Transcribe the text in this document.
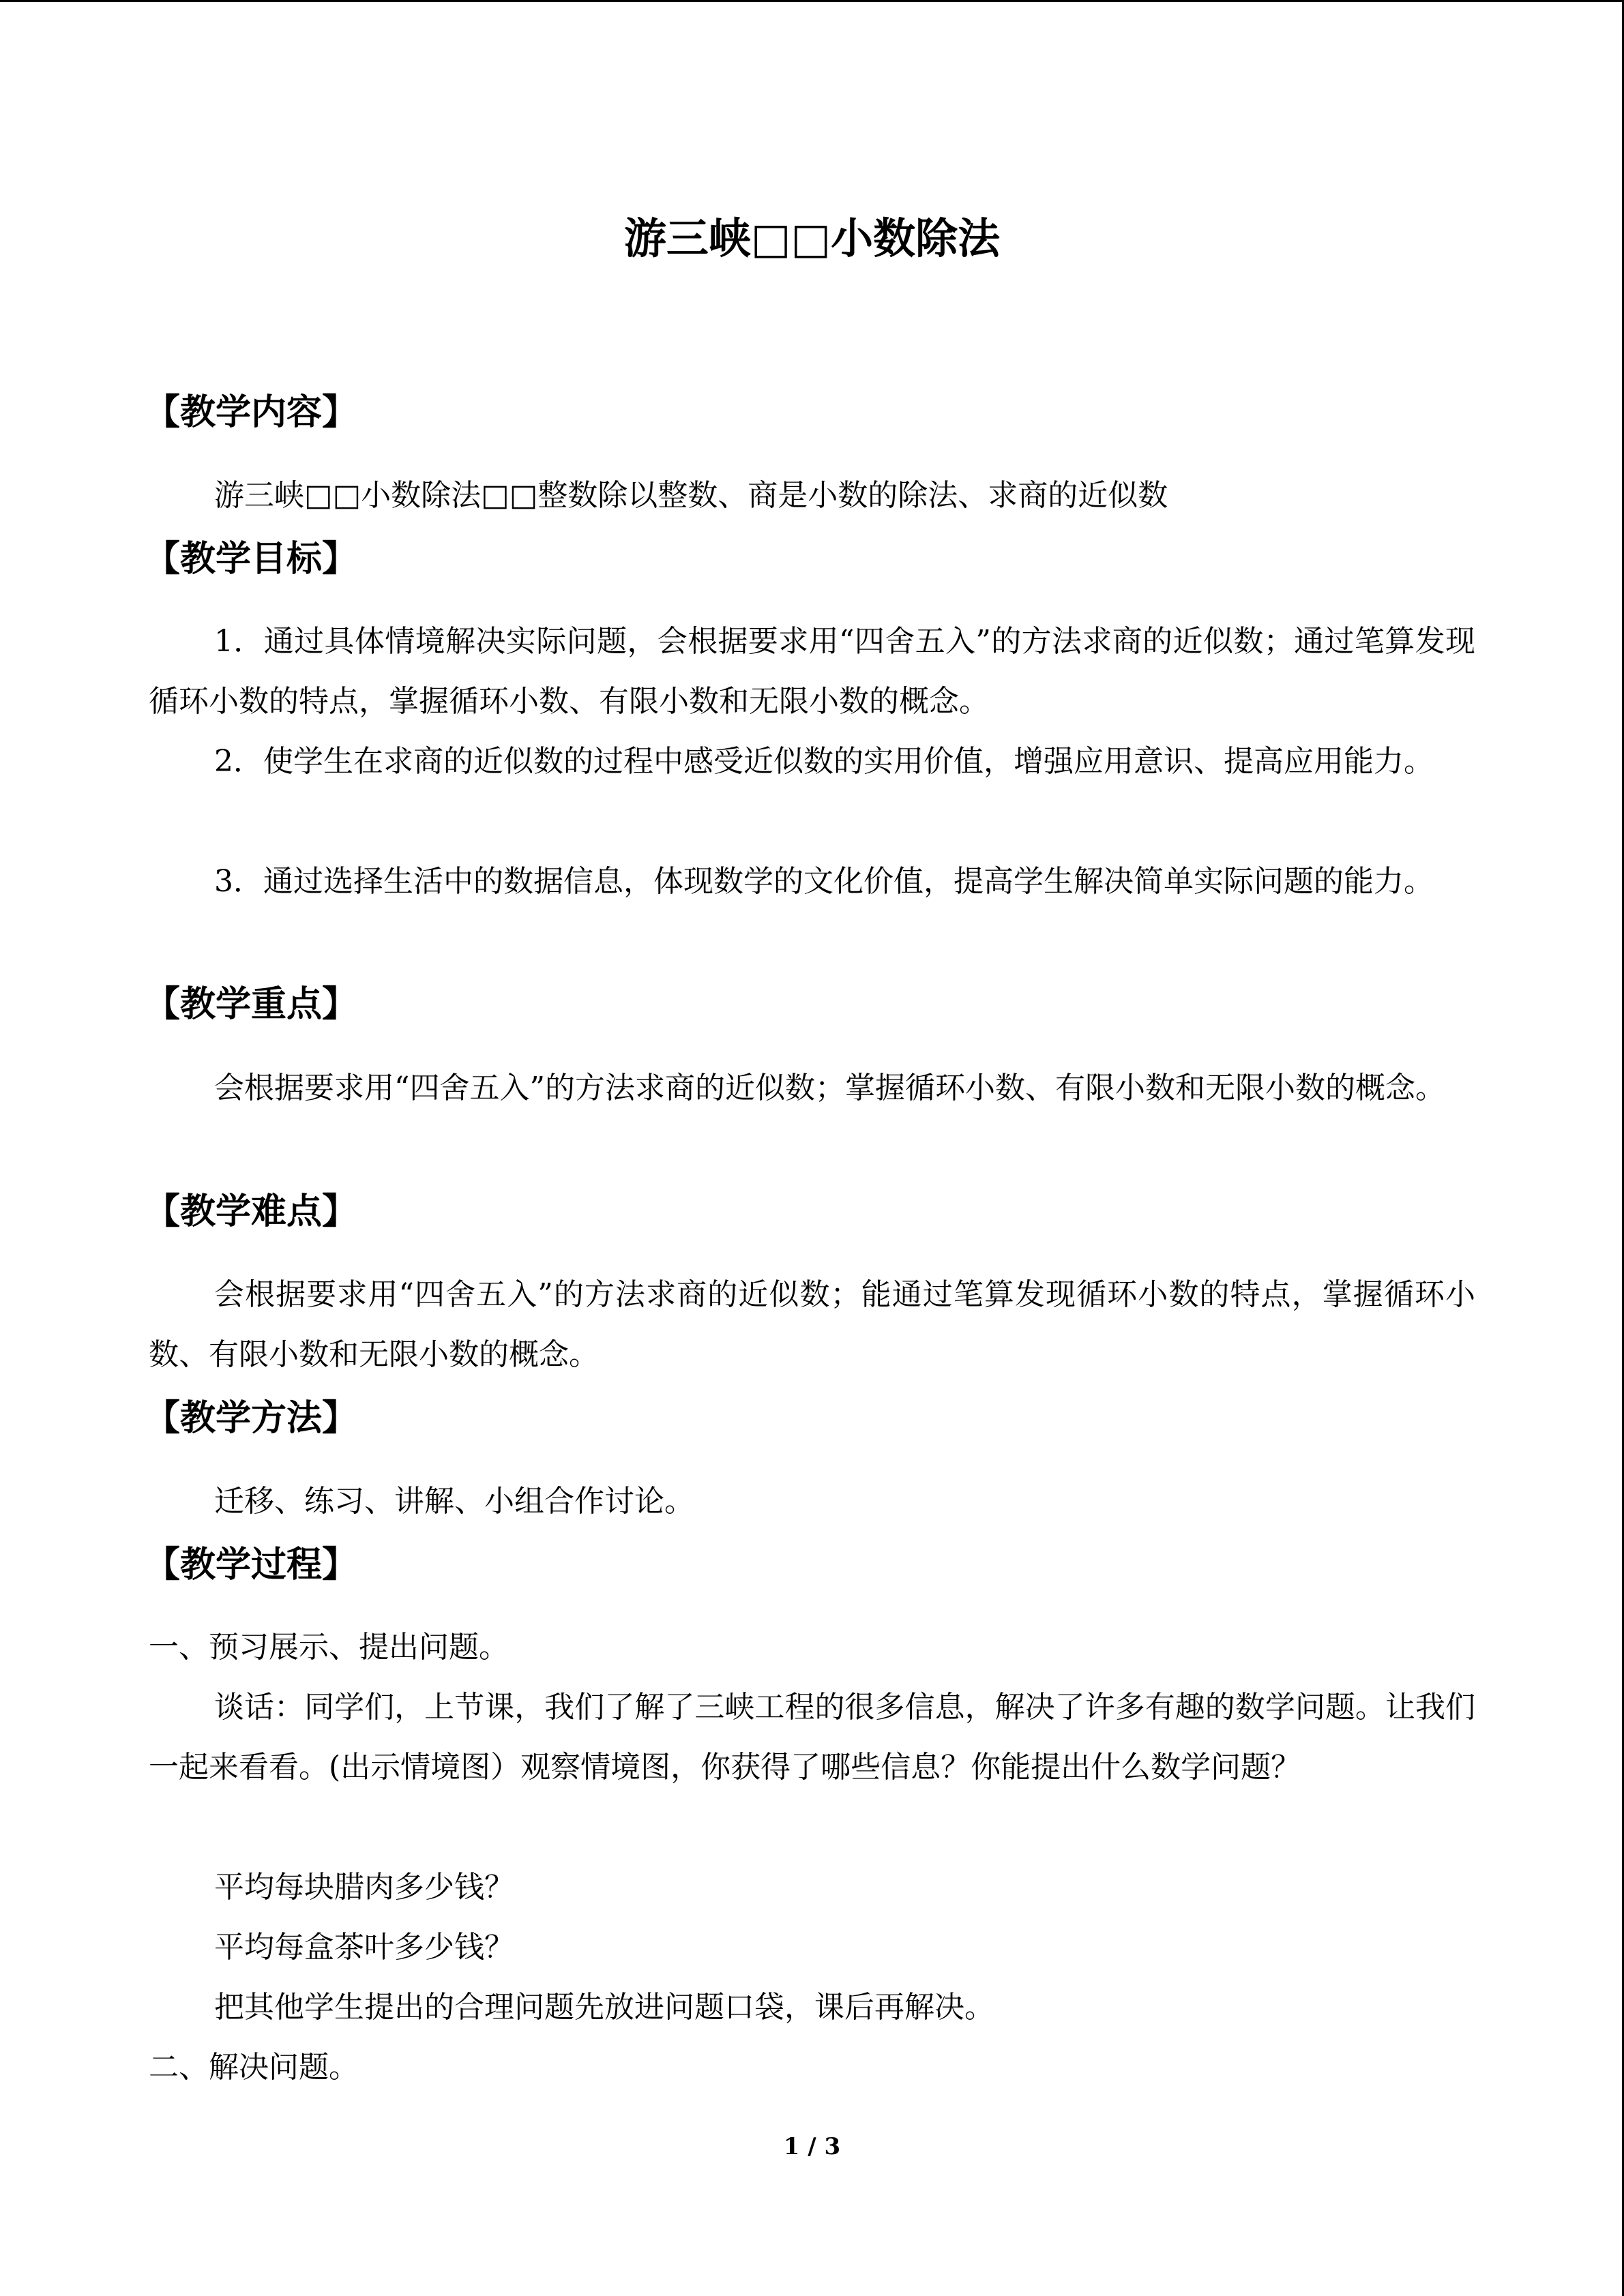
游三峡□□小数除法
【教学内容】
游三峡□□小数除法□□整数除以整数、商是小数的除法、求商的近似数
【教学目标】
1．通过具体情境解决实际问题，会根据要求用“四舍五入”的方法求商的近似数；通过笔算发现循环小数的特点，掌握循环小数、有限小数和无限小数的概念。
2．使学生在求商的近似数的过程中感受近似数的实用价值，增强应用意识、提高应用能力。
3．通过选择生活中的数据信息，体现数学的文化价值，提高学生解决简单实际问题的能力。
【教学重点】
会根据要求用“四舍五入”的方法求商的近似数；掌握循环小数、有限小数和无限小数的概念。
【教学难点】
会根据要求用“四舍五入”的方法求商的近似数；能通过笔算发现循环小数的特点，掌握循环小数、有限小数和无限小数的概念。
【教学方法】
迁移、练习、讲解、小组合作讨论。
【教学过程】
一、预习展示、提出问题。
谈话：同学们，上节课，我们了解了三峡工程的很多信息，解决了许多有趣的数学问题。让我们一起来看看。(出示情境图）观察情境图，你获得了哪些信息？你能提出什么数学问题？
平均每块腊肉多少钱？
平均每盒茶叶多少钱？
把其他学生提出的合理问题先放进问题口袋，课后再解决。
二、解决问题。
1 / 3
